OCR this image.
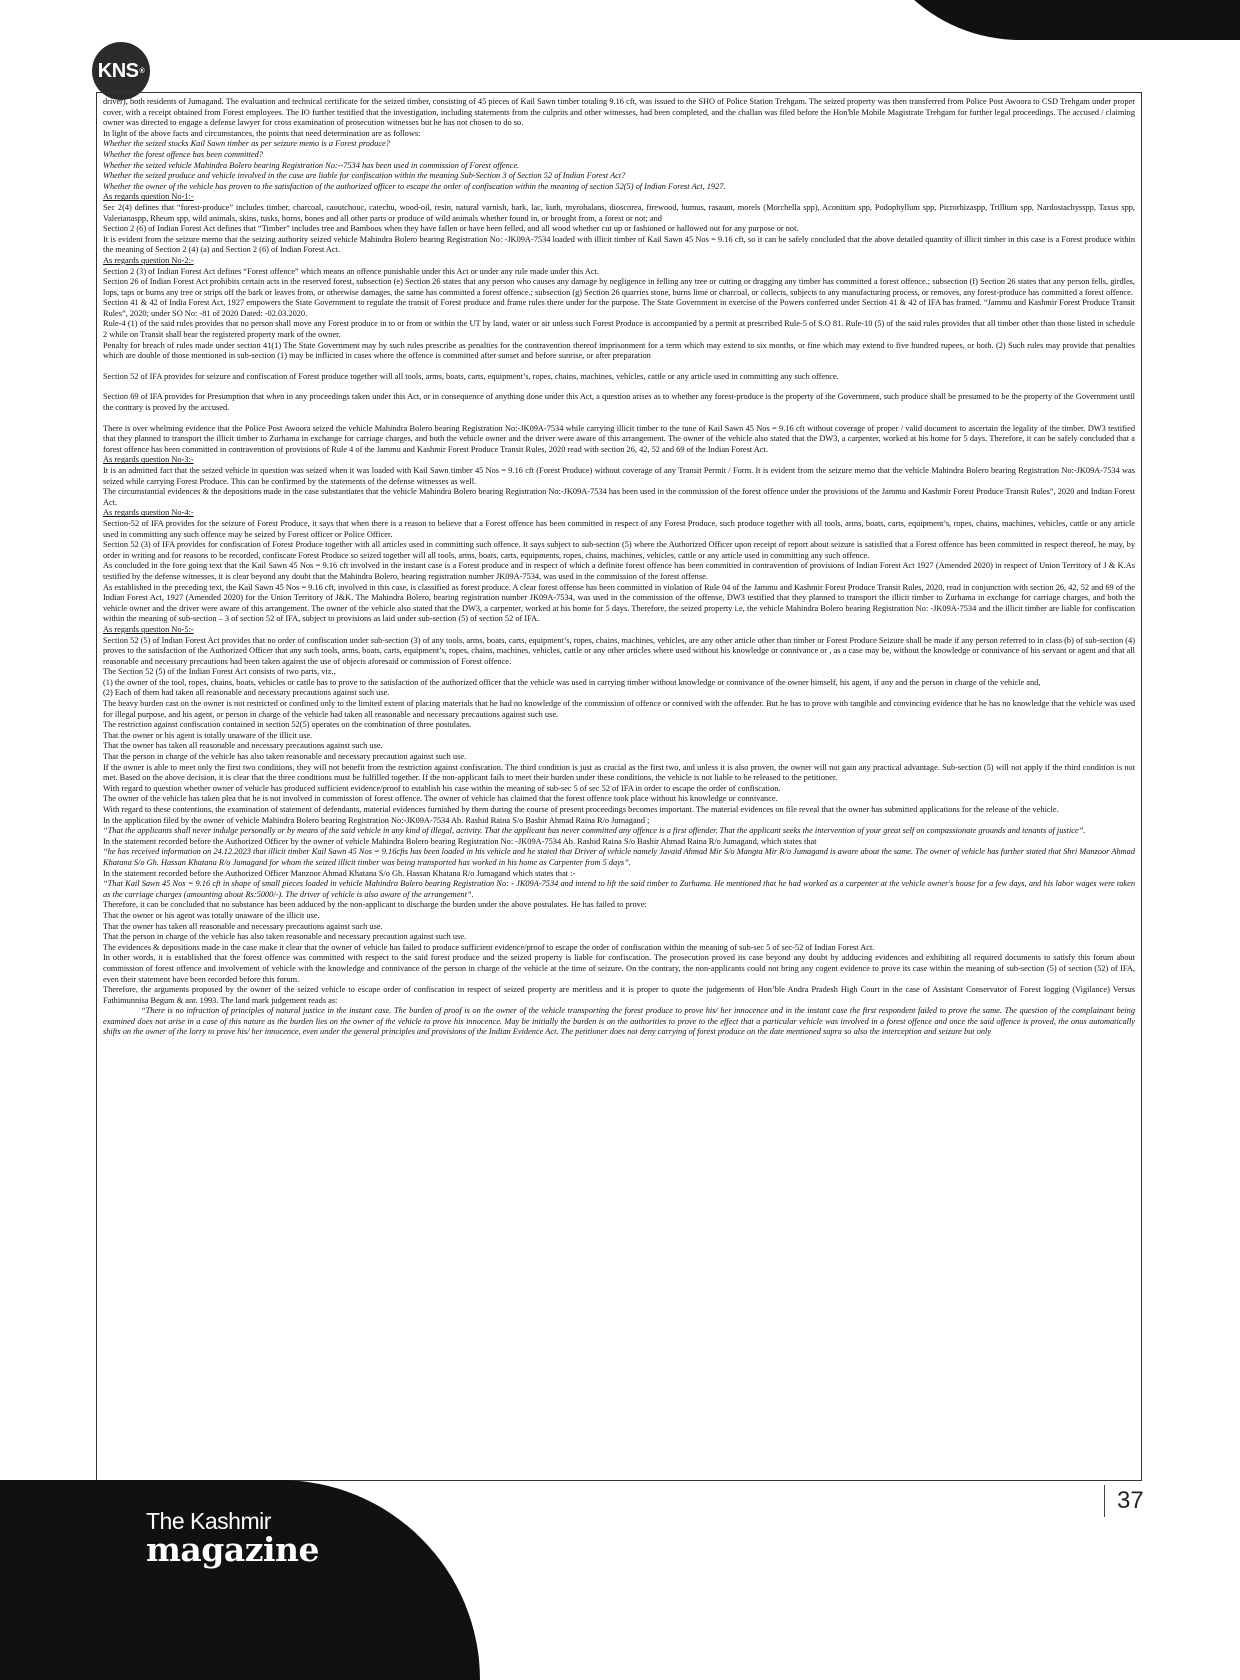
KNS ®

driver), both residents of Jumagand. The evaluation and technical certificate for the seized timber, consisting of 45 pieces of Kail Sawn timber totaling 9.16 cft, was issued to the SHO of Police Station Trehgam. The seized property was then transferred from Police Post Awoora to CSD Trehgam under proper cover, with a receipt obtained from Forest employees. The IO further testified that the investigation, including statements from the culprits and other witnesses, had been completed, and the challan was filed before the Hon'ble Mobile Magistrate Trehgam for further legal proceedings. The accused / claiming owner was directed to engage a defense lawyer for cross examination of prosecution witnesses but he has not chosen to do so.

In light of the above facts and circumstances, the points that need determination are as follows:

Whether the seized stocks Kail Sawn timber as per seizure memo is a Forest produce?

Whether the forest offence has been committed?

Whether the seized vehicle Mahindra Bolero bearing Registration No:--7534 has been used in commission of Forest offence.

Whether the seized produce and vehicle involved in the case are liable for confiscation within the meaning Sub-Section 3 of Section 52 of Indian Forest Act?

Whether the owner of the vehicle has proven to the satisfaction of the authorized officer to escape the order of confiscation within the meaning of section 52(5) of Indian Forest Act, 1927.

As regards question No-1:-

Sec 2(4) defines that “forest-produce” includes timber, charcoal, caoutchouc, catechu, wood-oil, resin, natural varnish, bark, lac, kuth, myrobalans, dioscorea, firewood, humus, rasaunt, morels (Morchella spp), Aconitum spp, Podophyllum spp, Picrorhizaspp, Trillium spp, Nardostachysspp, Taxus spp, Valerianaspp, Rheum spp, wild animals, skins, tusks, horns, bones and all other parts or produce of wild animals whether found in, or brought from, a forest or not; and

Section 2 (6) of Indian Forest Act defines that “Timber” includes tree and Bamboos when they have fallen or have been felled, and all wood whether cut up or fashioned or hallowed out for any purpose or not.

It is evident from the seizure memo that the seizing authority seized vehicle Mahindra Bolero bearing Registration No: -JK09A-7534 loaded with illicit timber of Kail Sawn 45 Nos = 9.16 cft, so it can be safely concluded that the above detailed quantity of illicit timber in this case is a Forest produce within the meaning of Section 2 (4) (a) and Section 2 (6) of Indian Forest Act.

As regards question No-2:-

Section 2 (3) of Indian Forest Act defines “Forest offence” which means an offence punishable under this Act or under any rule made under this Act.

Section 26 of Indian Forest Act prohibits certain acts in the reserved forest, subsection (e) Section 26 states that any person who causes any damage by negligence in felling any tree or cutting or dragging any timber has committed a forest offence.; subsection (f) Section 26 states that any person fells, girdles, lops, taps or burns any tree or strips off the bark or leaves from, or otherwise damages, the same has committed a forest offence.; subsection (g) Section 26 quarries stone, burns lime or charcoal, or collects, subjects to any manufacturing process, or removes, any forest-produce has committed a forest offence.

Section 41 & 42 of India Forest Act, 1927 empowers the State Government to regulate the transit of Forest produce and frame rules there under for the purpose. The State Government in exercise of the Powers conferred under Section 41 & 42 of IFA has framed. “Jammu and Kashmir Forest Produce Transit Rules”, 2020; under SO No: -81 of 2020 Dated: -02.03.2020.

Rule-4 (1) of the said rules provides that no person shall move any Forest produce in to or from or within the UT by land, water or air unless such Forest Produce is accompanied by a permit at prescribed Rule-5 of S.O 81. Rule-10 (5) of the said rules provides that all timber other than those listed in schedule 2 while on Transit shall bear the registered property mark of the owner.

Penalty for breach of rules made under section 41(1) The State Government may by such rules prescribe as penalties for the contravention thereof imprisonment for a term which may extend to six months, or fine which may extend to five hundred rupees, or both. (2) Such rules may provide that penalties which are double of those mentioned in sub-section (1) may be inflicted in cases where the offence is committed after sunset and before sunrise, or after preparation

Section 52 of IFA provides for seizure and confiscation of Forest produce together will all tools, arms, boats, carts, equipment’s, ropes, chains, machines, vehicles, cattle or any article used in committing any such offence.

Section 69 of IFA provides for Presumption that when in any proceedings taken under this Act, or in consequence of anything done under this Act, a question arises as to whether any forest-produce is the property of the Government, such produce shall be presumed to be the property of the Government until the contrary is proved by the accused.

There is over whelming evidence that the Police Post Awoora seized the vehicle Mahindra Bolero bearing Registration No:-JK09A-7534 while carrying illicit timber to the tune of Kail Sawn 45 Nos = 9.16 cft without coverage of proper / valid document to ascertain the legality of the timber. DW3 testified that they planned to transport the illicit timber to Zurhama in exchange for carriage charges, and both the vehicle owner and the driver were aware of this arrangement. The owner of the vehicle also stated that the DW3, a carpenter, worked at his home for 5 days. Therefore, it can be safely concluded that a forest offence has been committed in contravention of provisions of Rule 4 of the Jammu and Kashmir Forest Produce Transit Rules, 2020 read with section 26, 42, 52 and 69 of the Indian Forest Act.

As regards question No-3:-

It is an admitted fact that the seized vehicle in question was seized when it was loaded with Kail Sawn timber 45 Nos = 9.16 cft (Forest Produce) without coverage of any Transit Permit / Form. It is evident from the seizure memo that the vehicle Mahindra Bolero bearing Registration No:-JK09A-7534 was seized while carrying Forest Produce. This can be confirmed by the statements of the defense witnesses as well.

The circumstantial evidences & the depositions made in the case substantiates that the vehicle Mahindra Bolero bearing Registration No:-JK09A-7534 has been used in the commission of the forest offence under the provisions of the Jammu and Kashmir Forest Produce Transit Rules”, 2020 and Indian Forest Act.

As regards question No-4:-

Section-52 of IFA provides for the seizure of Forest Produce, it says that when there is a reason to believe that a Forest offence has been committed in respect of any Forest Produce, such produce together with all tools, arms, boats, carts, equipment’s, ropes, chains, machines, vehicles, cattle or any article used in committing any such offence may be seized by Forest officer or Police Officer.

Section 52 (3) of IFA provides for confiscation of Forest Produce together with all articles used in committing such offence. It says subject to sub-section (5) where the Authorized Officer upon receipt of report about seizure is satisfied that a Forest offence has been committed in respect thereof, he may, by order in writing and for reasons to be recorded, confiscate Forest Produce so seized together will all tools, arms, boats, carts, equipments, ropes, chains, machines, vehicles, cattle or any article used in committing any such offence.

As concluded in the fore going text that the Kail Sawn 45 Nos = 9.16 cft involved in the instant case is a Forest produce and in respect of which a definite forest offence has been committed in contravention of provisions of Indian Forest Act 1927 (Amended 2020) in respect of Union Territory of J & K.As testified by the defense witnesses, it is clear beyond any doubt that the Mahindra Bolero, bearing registration number JK09A-7534, was used in the commission of the forest offense.

As established in the preceding text, the Kail Sawn 45 Nos = 9.16 cft, involved in this case, is classified as forest produce. A clear forest offense has been committed in violation of Rule 04 of the Jammu and Kashmir Forest Produce Transit Rules, 2020, read in conjunction with section 26, 42, 52 and 69 of the Indian Forest Act, 1927 (Amended 2020) for the Union Territory of J&K. The Mahindra Bolero, bearing registration number JK09A-7534, was used in the commission of the offense, DW3 testified that they planned to transport the illicit timber to Zurhama in exchange for carriage charges, and both the vehicle owner and the driver were aware of this arrangement. The owner of the vehicle also stated that the DW3, a carpenter, worked at his home for 5 days. Therefore, the seized property i.e, the vehicle Mahindra Bolero bearing Registration No: -JK09A-7534 and the illicit timber are liable for confiscation within the meaning of sub-section – 3 of section 52 of IFA, subject to provisions as laid under sub-section (5) of section 52 of IFA.

As regards question No-5:-

Section 52 (5) of Indian Forest Act provides that no order of confiscation under sub-section (3) of any tools, arms, boats, carts, equipment’s, ropes, chains, machines, vehicles, are any other article other than timber or Forest Produce Seizure shall be made if any person referred to in class (b) of sub-section (4) proves to the satisfaction of the Authorized Officer that any such tools, arms, boats, carts, equipment’s, ropes, chains, machines, vehicles, cattle or any other articles where used without his knowledge or connivance or , as a case may be, without the knowledge or connivance of his servant or agent and that all reasonable and necessary precautions had been taken against the use of objects aforesaid or commission of Forest offence.

The Section 52 (5) of the Indian Forest Act consists of two parts, viz.,

(1) the owner of the tool, ropes, chains, boats, vehicles or cattle has to prove to the satisfaction of the authorized officer that the vehicle was used in carrying timber without knowledge or connivance of the owner himself, his agent, if any and the person in charge of the vehicle and,

(2) Each of them had taken all reasonable and necessary precautions against such use.

The heavy burden cast on the owner is not restricted or confined only to the limited extent of placing materials that he had no knowledge of the commission of offence or connived with the offender. But he has to prove with tangible and convincing evidence that he has no knowledge that the vehicle was used for illegal purpose, and his agent, or person in charge of the vehicle had taken all reasonable and necessary precautions against such use.

The restriction against confiscation contained in section 52(5) operates on the combination of three postulates.

That the owner or his agent is totally unaware of the illicit use.

That the owner has taken all reasonable and necessary precautions against such use.

That the person in charge of the vehicle has also taken reasonable and necessary precaution against such use.

If the owner is able to meet only the first two conditions, they will not benefit from the restriction against confiscation. The third condition is just as crucial as the first two, and unless it is also proven, the owner will not gain any practical advantage. Sub-section (5) will not apply if the third condition is not met. Based on the above decision, it is clear that the three conditions must be fulfilled together. If the non-applicant fails to meet their burden under these conditions, the vehicle is not liable to be released to the petitioner.

With regard to question whether owner of vehicle has produced sufficient evidence/proof to establish his case within the meaning of sub-sec 5 of sec 52 of IFA in order to escape the order of confiscation.

The owner of the vehicle has taken plea that he is not involved in commission of forest offence. The owner of vehicle has claimed that the forest offence took place without his knowledge or connivance.

With regard to these contentions, the examination of statement of defendants, material evidences furnished by them during the course of present proceedings becomes important. The material evidences on file reveal that the owner has submitted applications for the release of the vehicle.

In the application filed by the owner of vehicle Mahindra Bolero bearing Registration No:-JK09A-7534 Ab. Rashid Raina S/o Bashir Ahmad Raina R/o Jumagand ;

“That the applicants shall never indulge personally or by means of the said vehicle in any kind of illegal, activity. That the applicant has never committed any offence is a first offender. That the applicant seeks the intervention of your great self on compassionate grounds and tenants of justice”.

In the statement recorded before the Authorized Officer by the owner of vehicle Mahindra Bolero bearing Registration No: -JK09A-7534 Ab. Rashid Raina S/o Bashir Ahmad Raina R/o Jumagand, which states that

“he has received information on 24.12.2023 that illicit timber Kail Sawn 45 Nos = 9.16cfts has been loaded in his vehicle and he stated that Driver of vehicle namely Javaid Ahmad Mir S/o Mangta Mir R/o Jumagand is aware about the same. The owner of vehicle has further stated that Shri Manzoor Ahmad Khatana S/o Gh. Hassan Khatana R/o Jumagand for whom the seized illicit timber was being transported has worked in his home as Carpenter from 5 days”.

In the statement recorded before the Authorized Officer Manzoor Ahmad Khatana S/o Gh. Hassan Khatana R/o Jumagand which states that :-

“That Kail Sawn 45 Nos = 9.16 cft in shape of small pieces loaded in vehicle Mahindra Bolero bearing Registration No: - JK09A-7534 and intend to lift the said timber to Zurhama. He mentioned that he had worked as a carpenter at the vehicle owner's house for a few days, and his labor wages were taken as the carriage charges (amounting about Rs:5000/-). The driver of vehicle is also aware of the arrangement”.

Therefore, it can be concluded that no substance has been adduced by the non-applicant to discharge the burden under the above postulates. He has failed to prove:

That the owner or his agent was totally unaware of the illicit use.

That the owner has taken all reasonable and necessary precautions against such use.

That the person in charge of the vehicle has also taken reasonable and necessary precaution against such use.

The evidences & depositions made in the case make it clear that the owner of vehicle has failed to produce sufficient evidence/proof to escape the order of confiscation within the meaning of sub-sec 5 of sec-52 of Indian Forest Act.

In other words, it is established that the forest offence was committed with respect to the said forest produce and the seized property is liable for confiscation. The prosecution proved its case beyond any doubt by adducing evidences and exhibiting all required documents to satisfy this forum about commission of forest offence and involvement of vehicle with the knowledge and connivance of the person in charge of the vehicle at the time of seizure. On the contrary, the non-applicants could not bring any cogent evidence to prove its case within the meaning of sub-section (5) of section (52) of IFA, even their statement have been recorded before this forum.

Therefore, the arguments proposed by the owner of the seized vehicle to escape order of confiscation in respect of seized property are meritless and it is proper to quote the judgements of Hon’ble Andra Pradesh High Court in the case of Assistant Conservator of Forest logging (Vigilance) Versus Fathimunnisa Begum & anr. 1993. The land mark judgement reads as:

“There is no infraction of principles of natural justice in the instant case. The burden of proof is on the owner of the vehicle transporting the forest produce to prove his/ her innocence and in the instant case the first respondent failed to prove the same. The question of the complainant being examined does not arise in a case of this nature as the burden lies on the owner of the vehicle to prove his innocence. May be initially the burden is on the authorities to prove to the effect that a particular vehicle was involved in a forest offence and once the said offence is proved, the onus automatically shifts on the owner of the lorry to prove his/ her innocence, even under the general principles and provisions of the Indian Evidence Act. The petitioner does not deny carrying of forest produce on the date mentioned supra so also the interception and seizure but only

The Kashmir
magazine
37
